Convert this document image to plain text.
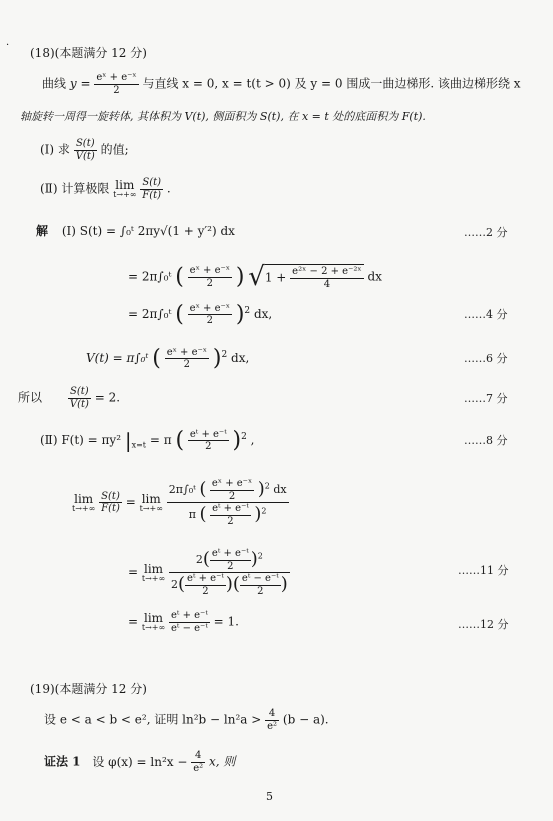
·
(18)(本题满分 12 分)
曲线 $y = \frac{\text{eˣ + e⁻ˣ}}{2}$ 与直线 x = 0, x = t(t > 0) 及 y = 0 围成一曲边梯形. 该曲边梯形绕 x
轴旋转一周得一旋转体, 其体积为 V(t), 侧面积为 S(t), 在 x = t 处的底面积为 F(t).
(Ⅰ) 求 $\frac{S(t)}{V(t)}$ 的值;
(Ⅱ) 计算极限 lim
t→+∞
$\frac{S(t)}{F(t)}$ .
解 (Ⅰ) S(t) = ∫₀ᵗ 2πy√(1 + y′²) dx	……2 分
= 2π∫₀ᵗ ( $\frac{\text{eˣ + e⁻ˣ}}{2}$ ) $√1 + \frac{\text{e²ˣ − 2 + e⁻²ˣ}}{4}$ dx
= 2π∫₀ᵗ ( $\frac{\text{eˣ + e⁻ˣ}}{2} )^2$ dx,	……4 分
V(t) = π∫₀ᵗ ( $\frac{\text{eˣ + e⁻ˣ}}{2} )^2$ dx,	……6 分
所以	$\frac{S(t)}{V(t)} = 2$.	……7 分
(Ⅱ) F(t) = πy² $|_{x=t} = \pi$ ( $\frac{\text{eᵗ + e⁻ᵗ}}{2} )^2$ ,	……8 分
lim
t→+∞
$\frac{S(t)}{F(t)} = \lim$
t→+∞

2π∫₀ᵗ ( $\frac{\text{eˣ + e⁻ˣ}}{2} )^2$ dx
π ( $\frac{\text{eᵗ + e⁻ᵗ}}{2} )^2$
= lim
t→+∞

$2( \frac{\text{eᵗ + e⁻ᵗ}}{2} )^2$
$2( \frac{\text{eᵗ + e⁻ᵗ}}{2}$ )( $\frac{\text{eᵗ − e⁻ᵗ}}{2}$ )
……11 分
= lim
t→+∞
$\frac{\text{eᵗ + e⁻ᵗ}}{\text{eᵗ − e⁻ᵗ}} = 1$.	……12 分
(19)(本题满分 12 分)
设 e < a < b < e², 证明 $\ln^2b - \ln^2a > \frac{4}{\text{e²}} (b - a)$.
证法 1 设 $\varphi(x) = \ln^2x - \frac{4}{\text{e²}} x$, 则
5
